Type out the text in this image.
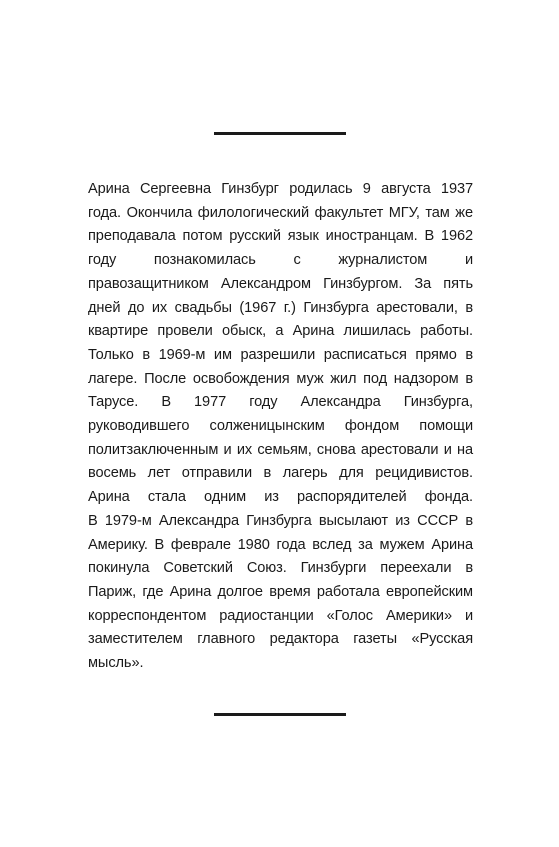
Арина Сергеевна Гинзбург родилась 9 августа 1937
года. Окончила филологический факультет МГУ, там же
преподавала потом русский язык иностранцам. В 1962
году познакомилась с журналистом и
правозащитником Александром Гинзбургом. За пять
дней до их свадьбы (1967 г.) Гинзбурга арестовали, в
квартире провели обыск, а Арина лишилась работы.
Только в 1969-м им разрешили расписаться прямо в
лагере. После освобождения муж жил под надзором в
Тарусе. В 1977 году Александра Гинзбурга,
руководившего солженицынским фондом помощи
политзаключенным и их семьям, снова арестовали и на
восемь лет отправили в лагерь для рецидивистов.
Арина стала одним из распорядителей фонда.
В 1979-м Александра Гинзбурга высылают из СССР в
Америку. В феврале 1980 года вслед за мужем Арина
покинула Советский Союз. Гинзбурги переехали в
Париж, где Арина долгое время работала европейским
корреспондентом радиостанции «Голос Америки» и
заместителем главного редактора газеты «Русская
мысль».
